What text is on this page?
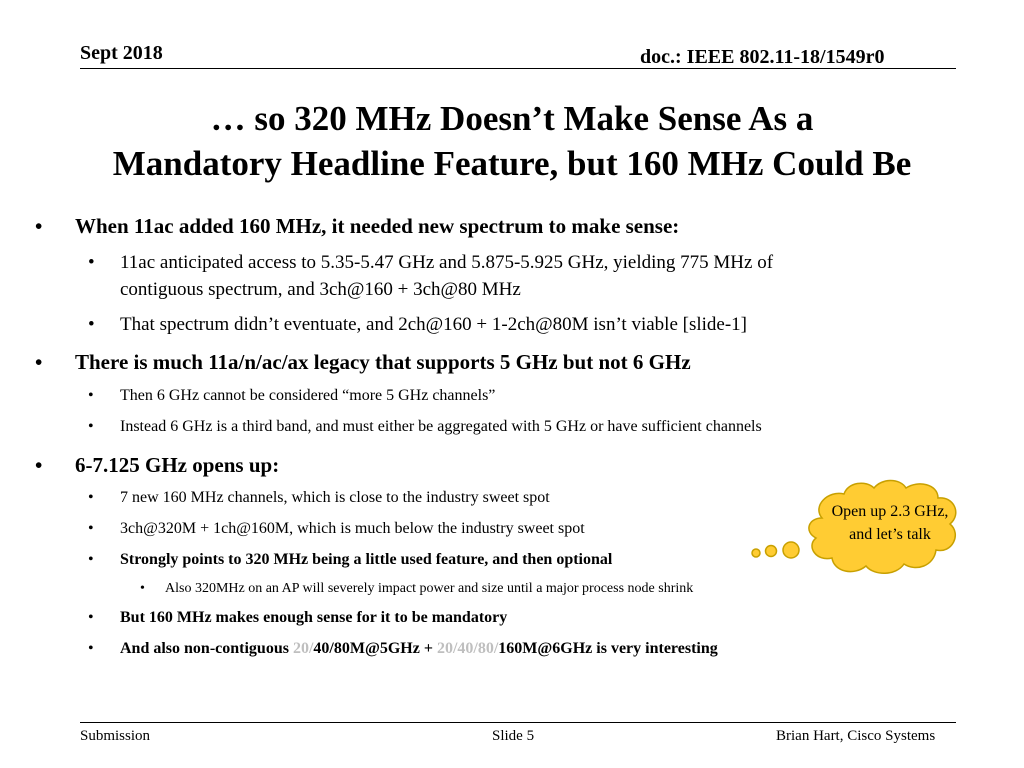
Sept 2018	doc.: IEEE 802.11-18/1549r0
… so 320 MHz Doesn’t Make Sense As a
Mandatory Headline Feature, but 160 MHz Could Be
• When 11ac added 160 MHz, it needed new spectrum to make sense:
• 11ac anticipated access to 5.35-5.47 GHz and 5.875-5.925 GHz, yielding 775 MHz of
contiguous spectrum, and 3ch@160 + 3ch@80 MHz
• That spectrum didn’t eventuate, and 2ch@160 + 1-2ch@80M isn’t viable [slide-1]
• There is much 11a/n/ac/ax legacy that supports 5 GHz but not 6 GHz
• Then 6 GHz cannot be considered “more 5 GHz channels”
• Instead 6 GHz is a third band, and must either be aggregated with 5 GHz or have sufficient channels
• 6-7.125 GHz opens up:
• 7 new 160 MHz channels, which is close to the industry sweet spot
• 3ch@320M + 1ch@160M, which is much below the industry sweet spot
• Strongly points to 320 MHz being a little used feature, and then optional
• Also 320MHz on an AP will severely impact power and size until a major process node shrink
• But 160 MHz makes enough sense for it to be mandatory
• And also non-contiguous 20/40/80M@5GHz + 20/40/80/160M@6GHz is very interesting
Open up 2.3 GHz, and let’s talk
Submission	Slide 5	Brian Hart, Cisco Systems
